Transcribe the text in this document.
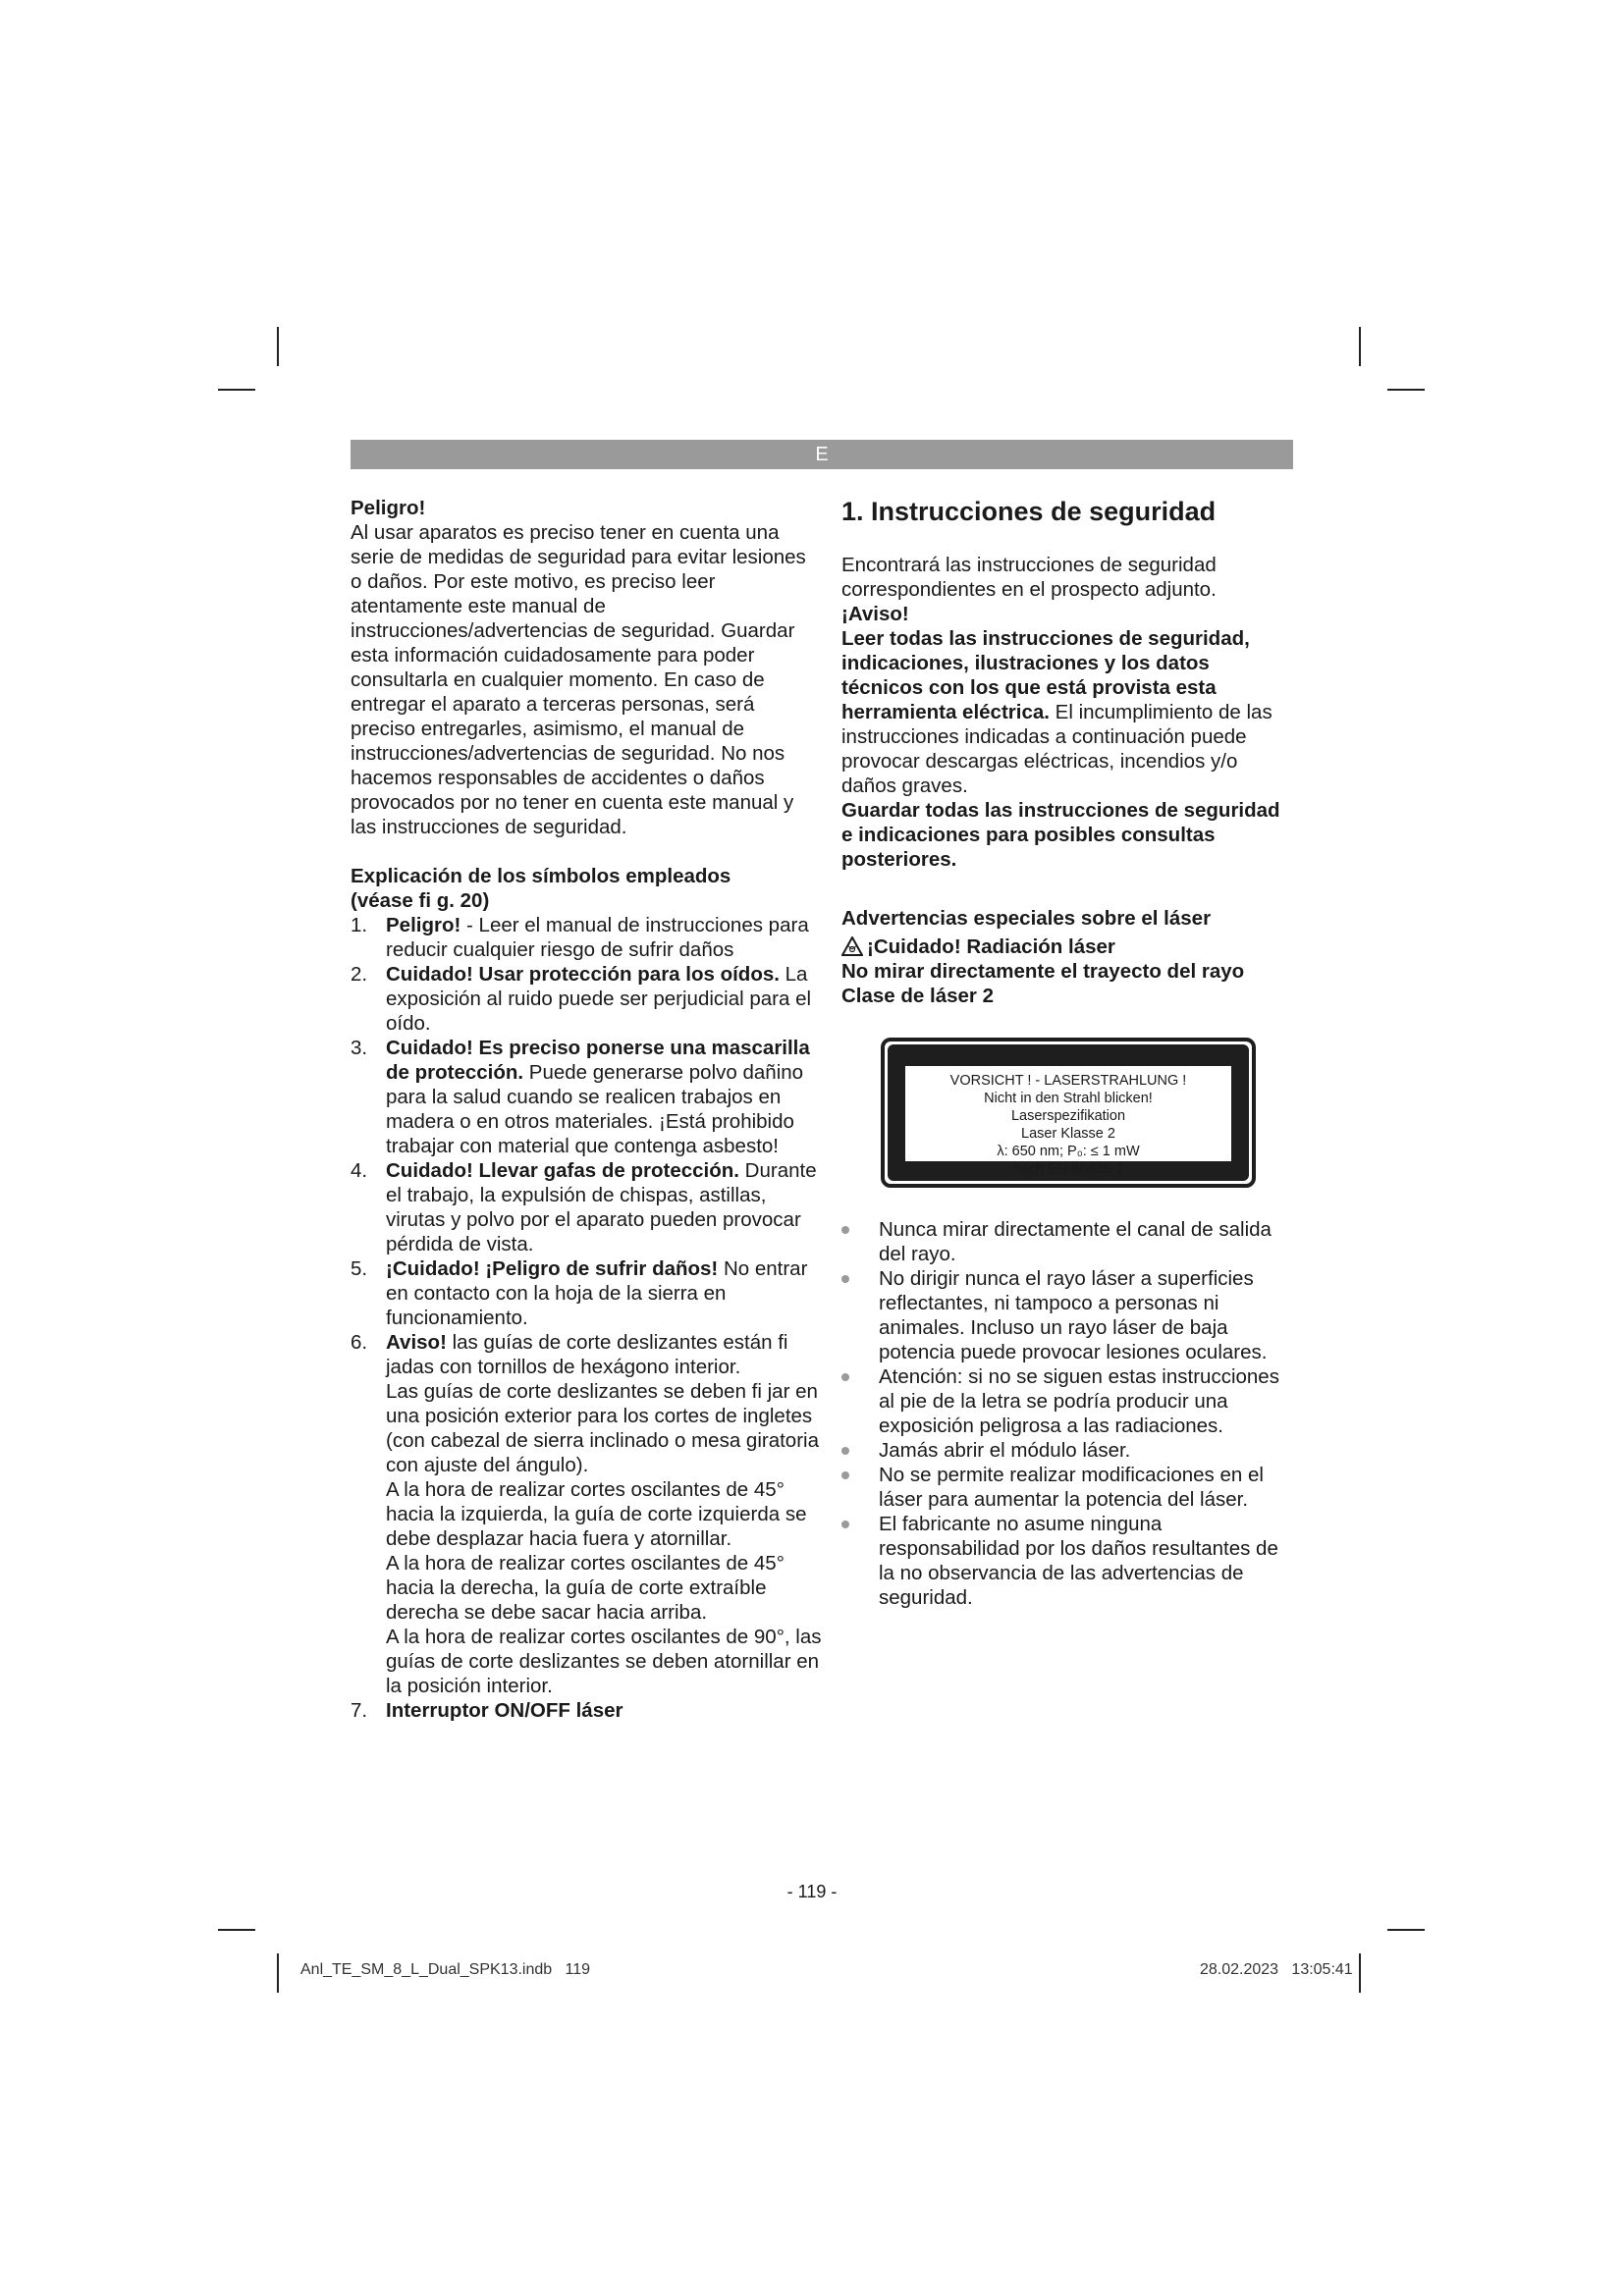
E

Peligro!

Al usar aparatos es preciso tener en cuenta una serie de medidas de seguridad para evitar lesiones o daños. Por este motivo, es preciso leer atentamente este manual de instrucciones/advertencias de seguridad. Guardar esta información cuidadosamente para poder consultarla en cualquier momento. En caso de entregar el aparato a terceras personas, será preciso entregarles, asimismo, el manual de instrucciones/advertencias de seguridad. No nos hacemos responsables de accidentes o daños provocados por no tener en cuenta este manual y las instrucciones de seguridad.

Explicación de los símbolos empleados
(véase fi g. 20)

1. Peligro! - Leer el manual de instrucciones para reducir cualquier riesgo de sufrir daños
2. Cuidado! Usar protección para los oídos. La exposición al ruido puede ser perjudicial para el oído.
3. Cuidado! Es preciso ponerse una mascarilla de protección. Puede generarse polvo dañino para la salud cuando se realicen trabajos en madera o en otros materiales. ¡Está prohibido trabajar con material que contenga asbesto!
4. Cuidado! Llevar gafas de protección. Durante el trabajo, la expulsión de chispas, astillas, virutas y polvo por el aparato pueden provocar pérdida de vista.
5. ¡Cuidado! ¡Peligro de sufrir daños! No entrar en contacto con la hoja de la sierra en funcionamiento.
6. Aviso! las guías de corte deslizantes están fi jadas con tornillos de hexágono interior.

Las guías de corte deslizantes se deben fi jar en una posición exterior para los cortes de ingletes (con cabezal de sierra inclinado o mesa giratoria con ajuste del ángulo).

A la hora de realizar cortes oscilantes de 45° hacia la izquierda, la guía de corte izquierda se debe desplazar hacia fuera y atornillar.

A la hora de realizar cortes oscilantes de 45° hacia la derecha, la guía de corte extraíble derecha se debe sacar hacia arriba.

A la hora de realizar cortes oscilantes de 90°, las guías de corte deslizantes se deben atornillar en la posición interior.

7. Interruptor ON/OFF láser

1. Instrucciones de seguridad

Encontrará las instrucciones de seguridad correspondientes en el prospecto adjunto.

¡Aviso!

Leer todas las instrucciones de seguridad, indicaciones, ilustraciones y los datos técnicos con los que está provista esta herramienta eléctrica. El incumplimiento de las instrucciones indicadas a continuación puede provocar descargas eléctricas, incendios y/o daños graves.

Guardar todas las instrucciones de seguridad e indicaciones para posibles consultas posteriores.

Advertencias especiales sobre el láser

¡Cuidado! Radiación láser

No mirar directamente el trayecto del rayo

Clase de láser 2

VORSICHT ! - LASERSTRAHLUNG !
Nicht in den Strahl blicken!
Laserspezifikation
Laser Klasse 2
λ: 650 nm; P₀: ≤ 1 mW
nach EN 60825-1
Nunca mirar directamente el canal de salida del rayo.
No dirigir nunca el rayo láser a superficies reflectantes, ni tampoco a personas ni animales. Incluso un rayo láser de baja potencia puede provocar lesiones oculares.
Atención: si no se siguen estas instrucciones al pie de la letra se podría producir una exposición peligrosa a las radiaciones.
Jamás abrir el módulo láser.
No se permite realizar modificaciones en el láser para aumentar la potencia del láser.
El fabricante no asume ninguna responsabilidad por los daños resultantes de la no observancia de las advertencias de seguridad.
- 119 -
Anl_TE_SM_8_L_Dual_SPK13.indb   119	28.02.2023   13:05:41
